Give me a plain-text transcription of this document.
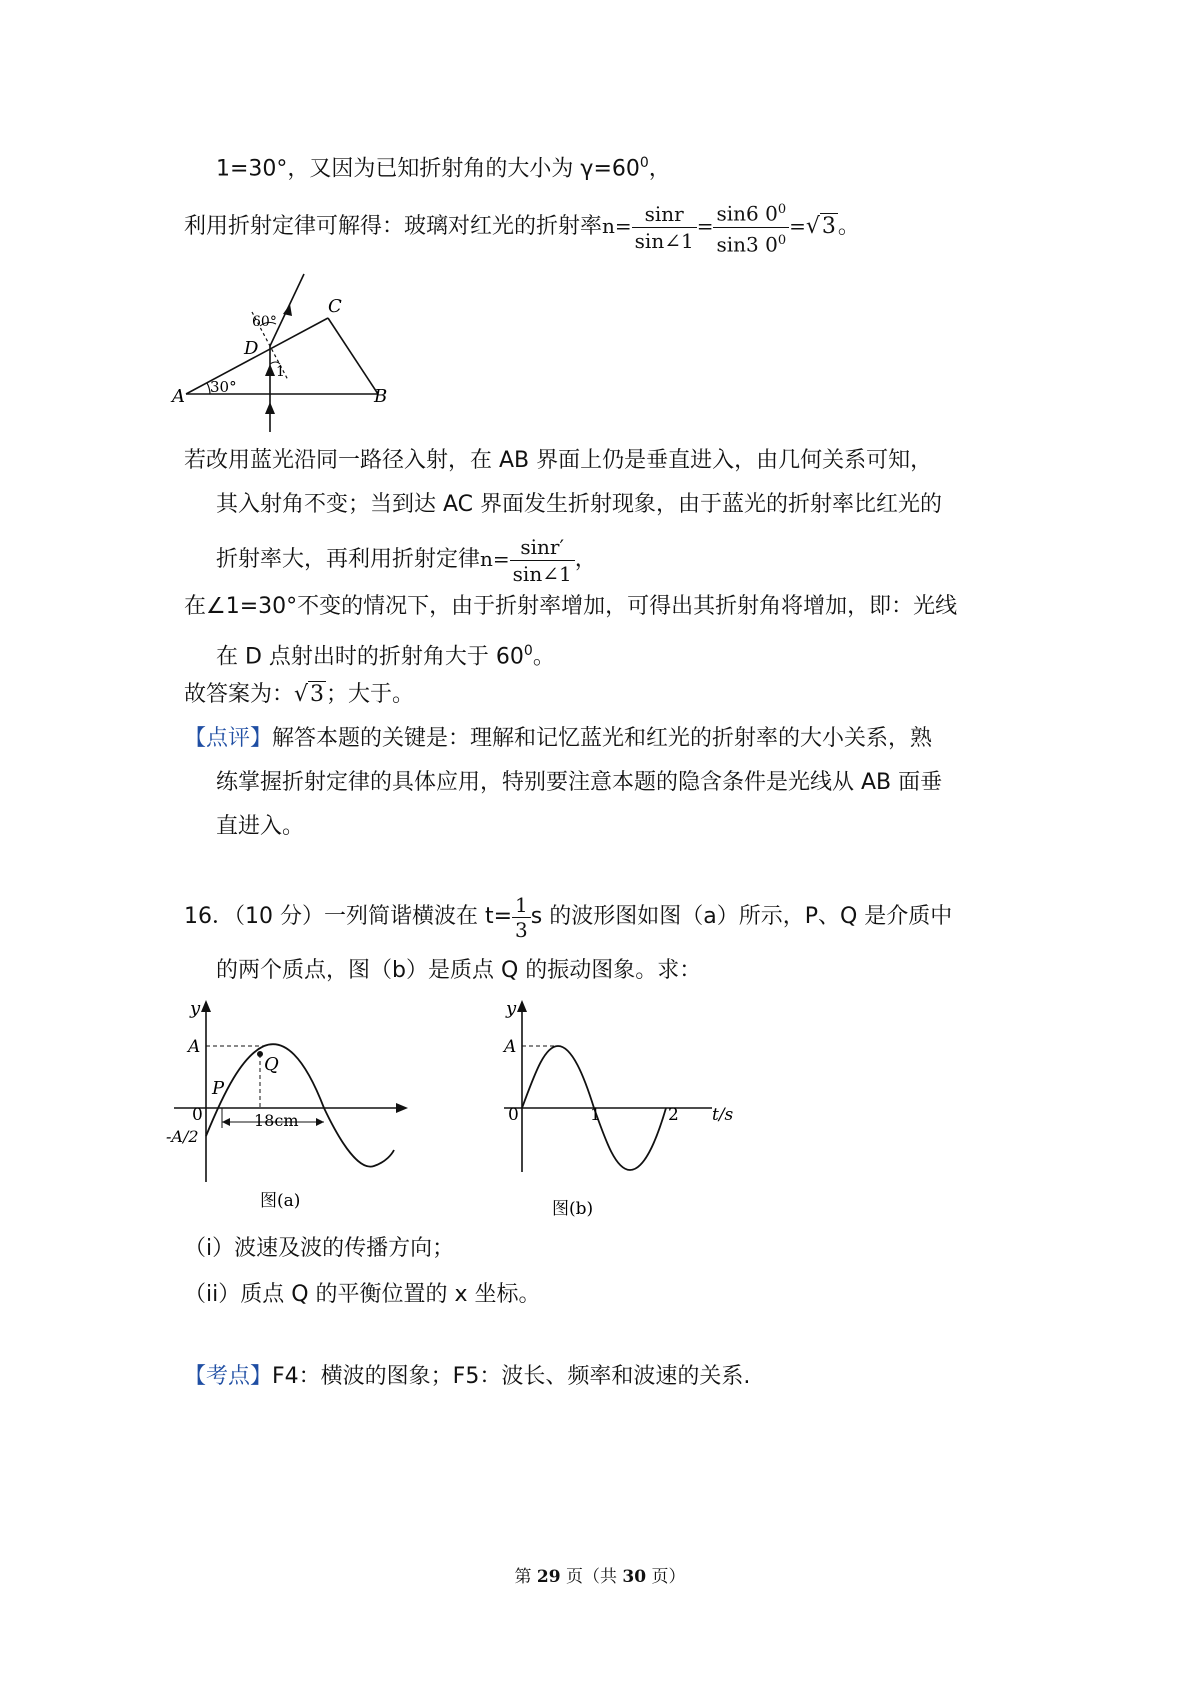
1=30°，又因为已知折射角的大小为 $\gamma=60^0$，
利用折射定律可解得：玻璃对红光的折射率$n= \frac{\sin r}{\sin\angle 1} = \frac{\sin 6 0^0}{\sin 3 0^0} =√3$。
A	B
C
D
30°
60°
1
若改用蓝光沿同一路径入射，在 AB 界面上仍是垂直进入，由几何关系可知，
其入射角不变；当到达 AC 界面发生折射现象，由于蓝光的折射率比红光的
折射率大，再利用折射定律$n= \frac{\sin r'}{\sin\angle 1}$ ，
在∠1=30°不变的情况下，由于折射率增加，可得出其折射角将增加，即：光线
在 D 点射出时的折射角大于 $60^0$。
故答案为：√3；大于。
【点评】解答本题的关键是：理解和记忆蓝光和红光的折射率的大小关系，熟
练掌握折射定律的具体应用，特别要注意本题的隐含条件是光线从 AB 面垂
直进入。
16．（10 分）一列简谐横波在 $t= \frac{1}{3}$ s 的波形图如图（a）所示，P、Q 是介质中
的两个质点，图（b）是质点 Q 的振动图象。求：
y
A
0
-A/2
P
Q
18cm
图(a)
y
A
0	1	2 t/s
图(b)
（i）波速及波的传播方向；
（ii）质点 Q 的平衡位置的 x 坐标。
【考点】F4：横波的图象；F5：波长、频率和波速的关系.
第 29 页（共 30 页）
